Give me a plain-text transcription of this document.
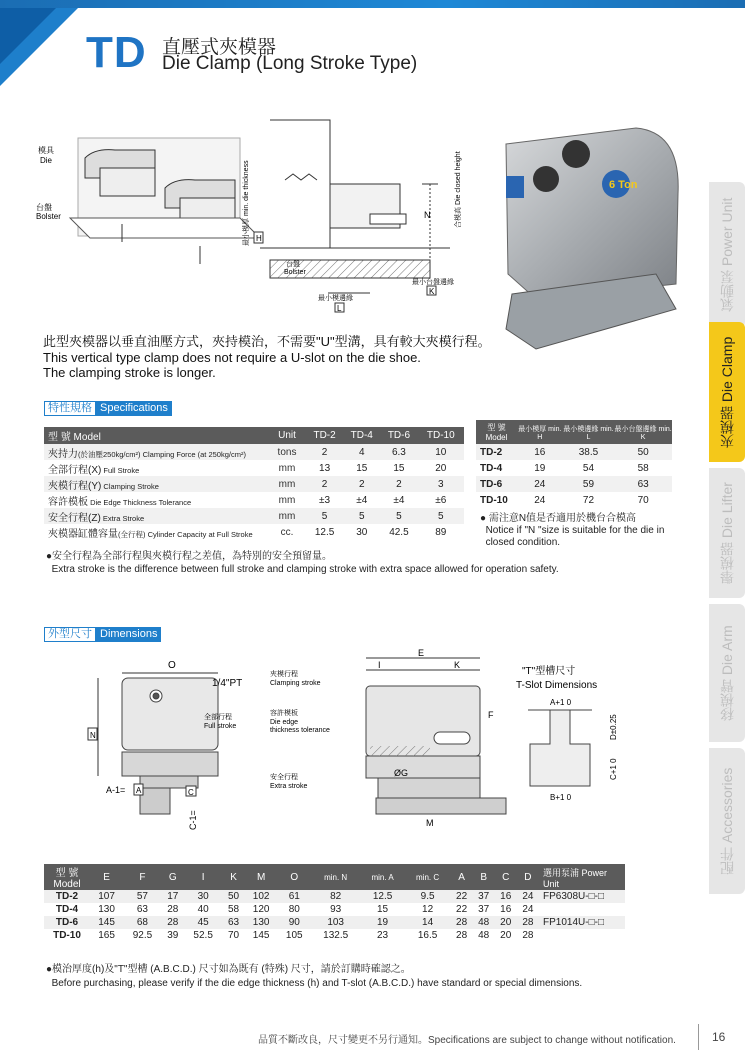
TD 直壓式夾模器
Die Clamp (Long Stroke Type)
氣動泵 Power Unit
夾模器 Die Clamp
舉模器 Die Lifter
移模臂 Die Arm
配件 Accessories
模具
Die
台盤
Bolster	最小模厚 min. die thickness H
合模高 Die closed height
N
台盤
Bolster
最小台盤邊緣
K
最小模邊緣
L
6 Ton
此型夾模器以垂直油壓方式，夾持模治，不需要"U"型溝，具有較大夾模行程。
This vertical type clamp does not require a U-slot on the die shoe.
The clamping stroke is longer.
特性規格 Specifications
型 號 Model	Unit	TD-2	TD-4	TD-6	TD-10
夾持力(於油壓250kg/cm²) Clamping Force (at 250kg/cm²)	tons	2	4	6.3	10
全部行程(X) Full Stroke	mm	13	15	15	20
夾模行程(Y) Clamping Stroke	mm	2	2	2	3
容許模板 Die Edge Thickness Tolerance	mm	±3	±4	±4	±6
安全行程(Z) Extra Stroke	mm	5	5	5	5
夾模器缸體容量(全行程) Cylinder Capacity at Full Stroke	cc.	12.5	30	42.5	89
型 號 Model	最小模厚 min. H	最小模邊緣 min. L	最小台盤邊緣 min. K
TD-2	16	38.5	50
TD-4	19	54	58
TD-6	24	59	63
TD-10	24	72	70
● 需注意N值是否適用於機台合模高
Notice if "N "size is suitable for the die in
closed condition.
●安全行程為全部行程與夾模行程之差值，為特別的安全預留量。
Extra stroke is the difference between full stroke and clamping stroke with extra space allowed for operation safety.
外型尺寸 Dimensions
O
1/4"PT
全部行程
Full stroke
N
A-1= A
C-1=
C
E
I	K
F
ØG
M
夾模行程
Clamping stroke
容許模板
Die edge
thickness tolerance
安全行程
Extra stroke
"T"型槽尺寸
T-Slot Dimensions
A+1 0
B+1 0
C+1 0
D±0.25
型 號 Model	E	F	G	I	K	M	O	min. N	min. A	min. C	A	B	C	D	選用泵浦 Power Unit
TD-2	107	57	17	30	50	102	61	82	12.5	9.5	22	37	16	24	FP6308U-□-□
TD-4	130	63	28	40	58	120	80	93	15	12	22	37	16	24	
TD-6	145	68	28	45	63	130	90	103	19	14	28	48	20	28	FP1014U-□-□
TD-10	165	92.5	39	52.5	70	145	105	132.5	23	16.5	28	48	20	28	
●模治厚度(h)及"T"型槽 (A.B.C.D.) 尺寸如為既有 (特殊) 尺寸，請於訂購時確認之。
Before purchasing, please verify if the die edge thickness (h) and T-slot (A.B.C.D.) have standard or special dimensions.
品質不斷改良，尺寸變更不另行通知。Specifications are subject to change without notification.	16
